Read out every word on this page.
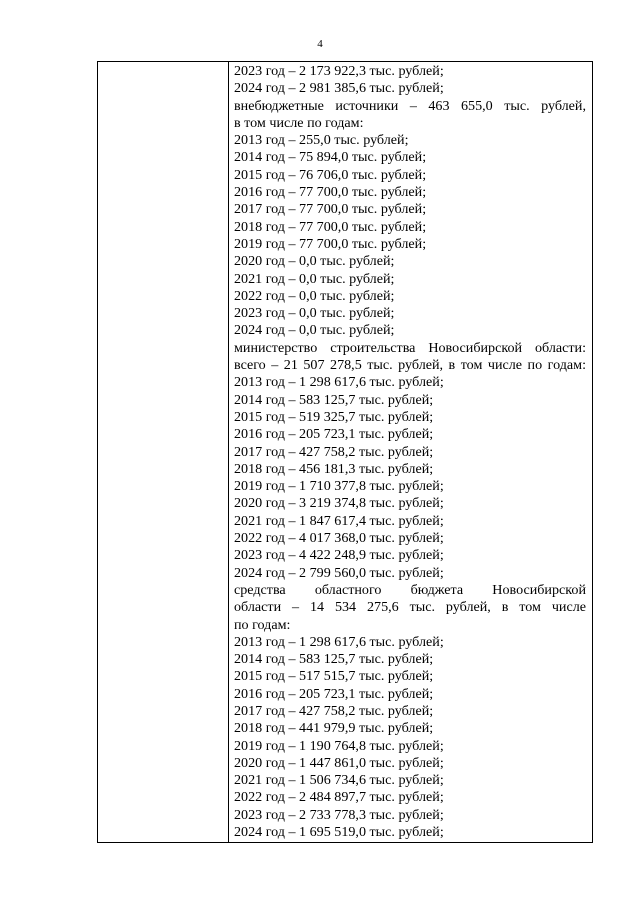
4
2023 год – 2 173 922,3 тыс. рублей;
2024 год – 2 981 385,6 тыс. рублей;
внебюджетные источники – 463 655,0 тыс. рублей,
в том числе по годам:
2013 год – 255,0 тыс. рублей;
2014 год – 75 894,0 тыс. рублей;
2015 год – 76 706,0 тыс. рублей;
2016 год – 77 700,0 тыс. рублей;
2017 год – 77 700,0 тыс. рублей;
2018 год – 77 700,0 тыс. рублей;
2019 год – 77 700,0 тыс. рублей;
2020 год – 0,0 тыс. рублей;
2021 год – 0,0 тыс. рублей;
2022 год – 0,0 тыс. рублей;
2023 год – 0,0 тыс. рублей;
2024 год – 0,0 тыс. рублей;
министерство строительства Новосибирской области:
всего – 21 507 278,5 тыс. рублей, в том числе по годам:
2013 год – 1 298 617,6 тыс. рублей;
2014 год – 583 125,7 тыс. рублей;
2015 год – 519 325,7 тыс. рублей;
2016 год – 205 723,1 тыс. рублей;
2017 год – 427 758,2 тыс. рублей;
2018 год – 456 181,3 тыс. рублей;
2019 год – 1 710 377,8 тыс. рублей;
2020 год – 3 219 374,8 тыс. рублей;
2021 год – 1 847 617,4 тыс. рублей;
2022 год – 4 017 368,0 тыс. рублей;
2023 год – 4 422 248,9 тыс. рублей;
2024 год – 2 799 560,0 тыс. рублей;
средства областного бюджета Новосибирской
области – 14 534 275,6 тыс. рублей, в том числе
по годам:
2013 год – 1 298 617,6 тыс. рублей;
2014 год – 583 125,7 тыс. рублей;
2015 год – 517 515,7 тыс. рублей;
2016 год – 205 723,1 тыс. рублей;
2017 год – 427 758,2 тыс. рублей;
2018 год – 441 979,9 тыс. рублей;
2019 год – 1 190 764,8 тыс. рублей;
2020 год – 1 447 861,0 тыс. рублей;
2021 год – 1 506 734,6 тыс. рублей;
2022 год – 2 484 897,7 тыс. рублей;
2023 год – 2 733 778,3 тыс. рублей;
2024 год – 1 695 519,0 тыс. рублей;
